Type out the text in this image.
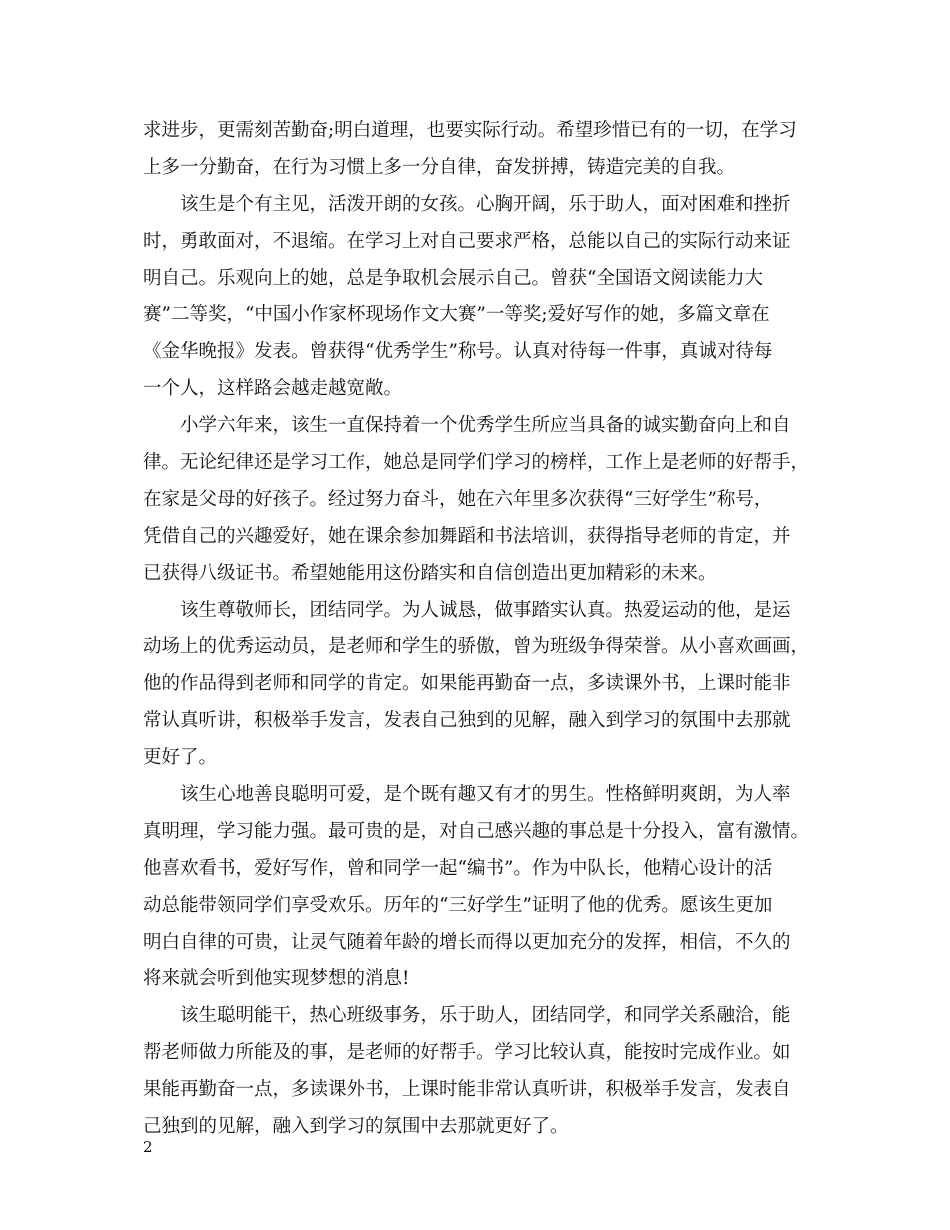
求进步，更需刻苦勤奋;明白道理，也要实际行动。希望珍惜已有的一切，在学习
上多一分勤奋，在行为习惯上多一分自律，奋发拼搏，铸造完美的自我。
该生是个有主见，活泼开朗的女孩。心胸开阔，乐于助人，面对困难和挫折
时，勇敢面对，不退缩。在学习上对自己要求严格，总能以自己的实际行动来证
明自己。乐观向上的她，总是争取机会展示自己。曾获“全国语文阅读能力大
赛”二等奖，“中国小作家杯现场作文大赛”一等奖;爱好写作的她，多篇文章在
《金华晚报》发表。曾获得“优秀学生”称号。认真对待每一件事，真诚对待每
一个人，这样路会越走越宽敞。
小学六年来，该生一直保持着一个优秀学生所应当具备的诚实勤奋向上和自
律。无论纪律还是学习工作，她总是同学们学习的榜样，工作上是老师的好帮手，
在家是父母的好孩子。经过努力奋斗，她在六年里多次获得“三好学生”称号，
凭借自己的兴趣爱好，她在课余参加舞蹈和书法培训，获得指导老师的肯定，并
已获得八级证书。希望她能用这份踏实和自信创造出更加精彩的未来。
该生尊敬师长，团结同学。为人诚恳，做事踏实认真。热爱运动的他，是运
动场上的优秀运动员，是老师和学生的骄傲，曾为班级争得荣誉。从小喜欢画画，
他的作品得到老师和同学的肯定。如果能再勤奋一点，多读课外书，上课时能非
常认真听讲，积极举手发言，发表自己独到的见解，融入到学习的氛围中去那就
更好了。
该生心地善良聪明可爱，是个既有趣又有才的男生。性格鲜明爽朗，为人率
真明理，学习能力强。最可贵的是，对自己感兴趣的事总是十分投入，富有激情。
他喜欢看书，爱好写作，曾和同学一起“编书”。作为中队长，他精心设计的活
动总能带领同学们享受欢乐。历年的“三好学生”证明了他的优秀。愿该生更加
明白自律的可贵，让灵气随着年龄的增长而得以更加充分的发挥，相信，不久的
将来就会听到他实现梦想的消息!
该生聪明能干，热心班级事务，乐于助人，团结同学，和同学关系融洽，能
帮老师做力所能及的事，是老师的好帮手。学习比较认真，能按时完成作业。如
果能再勤奋一点，多读课外书，上课时能非常认真听讲，积极举手发言，发表自
己独到的见解，融入到学习的氛围中去那就更好了。
2
